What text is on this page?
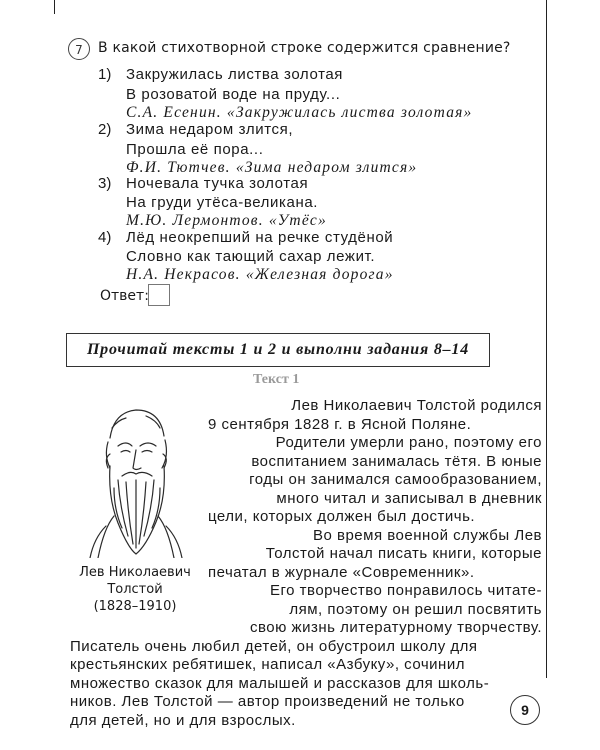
7	В какой стихотворной строке содержится сравнение?
1) Закружилась листва золотая
В розоватой воде на пруду...
С.А. Есенин. «Закружилась листва золотая»
2) Зима недаром злится,
Прошла её пора...
Ф.И. Тютчев. «Зима недаром злится»
3) Ночевала тучка золотая
На груди утёса-великана.
М.Ю. Лермонтов. «Утёс»
4) Лёд неокрепший на речке студёной
Словно как тающий сахар лежит.
Н.А. Некрасов. «Железная дорога»
Ответ:
Прочитай тексты 1 и 2 и выполни задания 8–14
Текст 1
Лев Николаевич
Толстой
(1828–1910)
Лев Николаевич Толстой родился
9 сентября 1828 г. в Ясной Поляне.
Родители умерли рано, поэтому его
воспитанием занималась тётя. В юные
годы он занимался самообразованием,
много читал и записывал в дневник
цели, которых должен был достичь.
Во время военной службы Лев
Толстой начал писать книги, которые
печатал в журнале «Современник».
Его творчество понравилось читате-
лям, поэтому он решил посвятить
свою жизнь литературному творчеству.
Писатель очень любил детей, он обустроил школу для
крестьянских ребятишек, написал «Азбуку», сочинил
множество сказок для малышей и рассказов для школь-
ников. Лев Толстой — автор произведений не только
для детей, но и для взрослых.
9
